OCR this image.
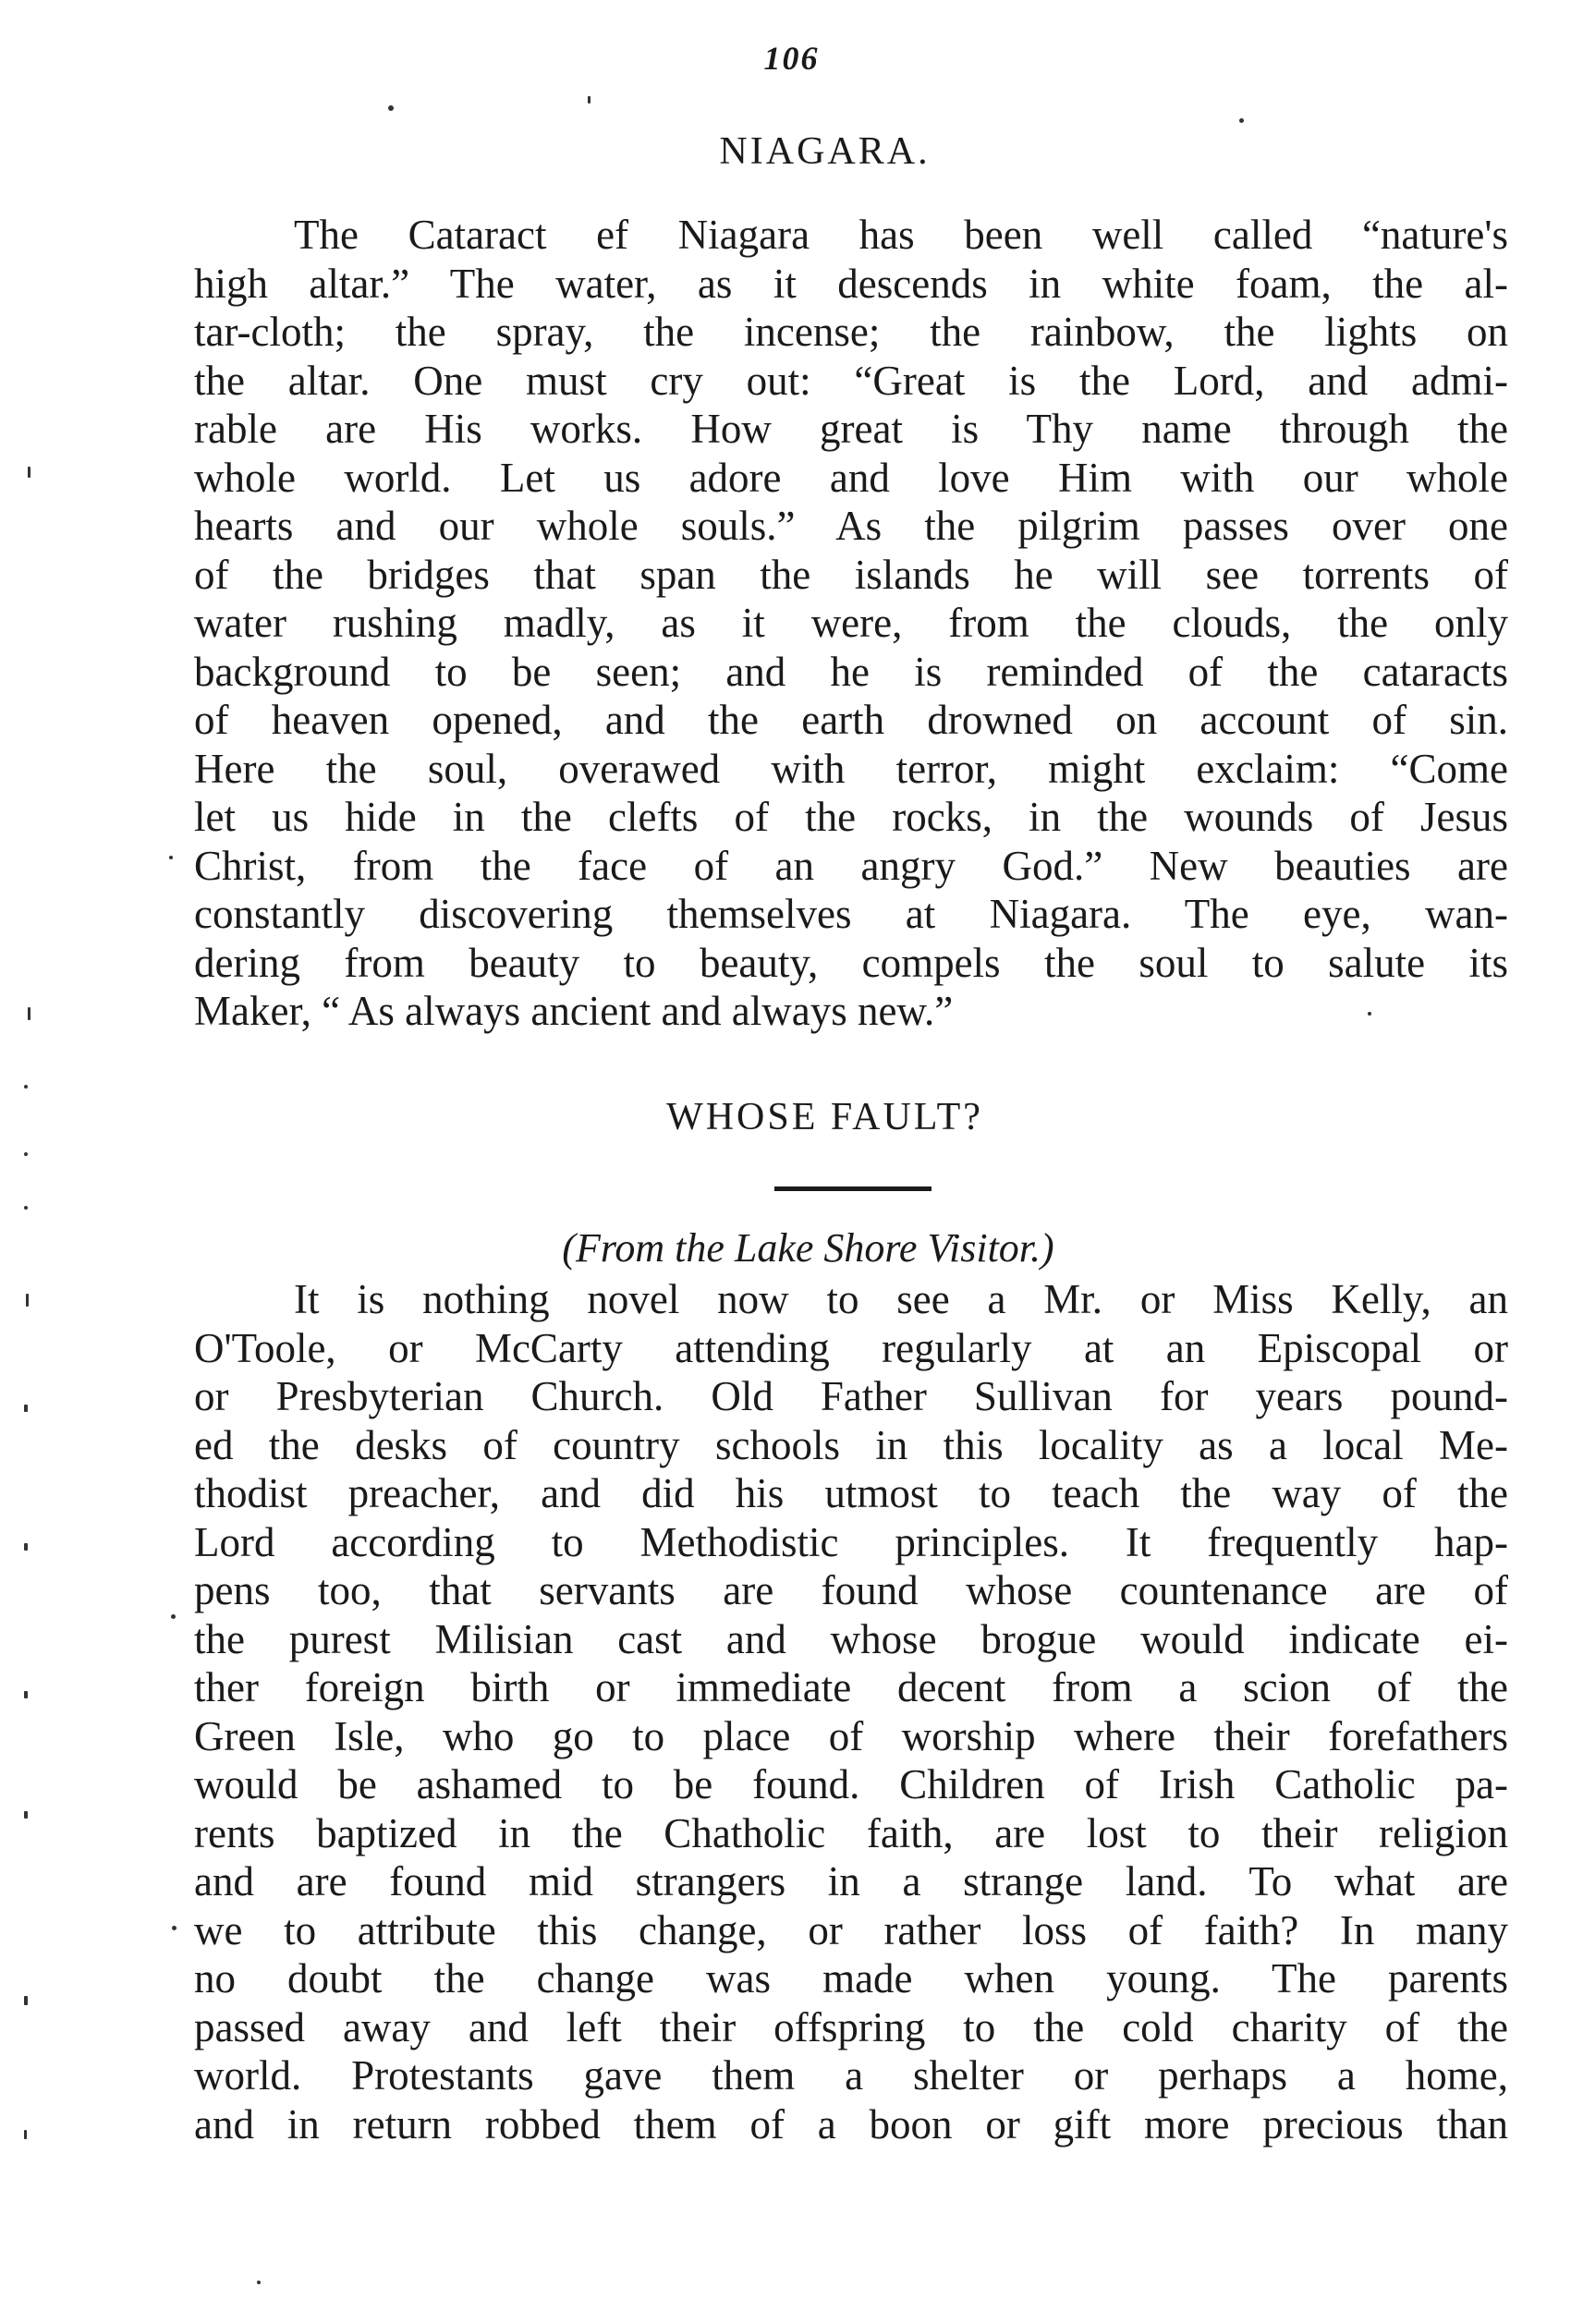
106
NIAGARA.
The Cataract ef Niagara has been well called “nature's
high altar.” The water, as it descends in white foam, the al-
tar-cloth; the spray, the incense; the rainbow, the lights on
the altar. One must cry out: “Great is the Lord, and admi-
rable are His works. How great is Thy name through the
whole world. Let us adore and love Him with our whole
hearts and our whole souls.” As the pilgrim passes over one
of the bridges that span the islands he will see torrents of
water rushing madly, as it were, from the clouds, the only
background to be seen; and he is reminded of the cataracts
of heaven opened, and the earth drowned on account of sin.
Here the soul, overawed with terror, might exclaim: “Come
let us hide in the clefts of the rocks, in the wounds of Jesus
Christ, from the face of an angry God.” New beauties are
constantly discovering themselves at Niagara. The eye, wan-
dering from beauty to beauty, compels the soul to salute its
Maker, “ As always ancient and always new.”
WHOSE FAULT?
(From the Lake Shore Visitor.)
It is nothing novel now to see a Mr. or Miss Kelly, an
O'Toole, or McCarty attending regularly at an Episcopal or
or Presbyterian Church. Old Father Sullivan for years pound-
ed the desks of country schools in this locality as a local Me-
thodist preacher, and did his utmost to teach the way of the
Lord according to Methodistic principles. It frequently hap-
pens too, that servants are found whose countenance are of
the purest Milisian cast and whose brogue would indicate ei-
ther foreign birth or immediate decent from a scion of the
Green Isle, who go to place of worship where their forefathers
would be ashamed to be found. Children of Irish Catholic pa-
rents baptized in the Chatholic faith, are lost to their religion
and are found mid strangers in a strange land. To what are
we to attribute this change, or rather loss of faith? In many
no doubt the change was made when young. The parents
passed away and left their offspring to the cold charity of the
world. Protestants gave them a shelter or perhaps a home,
and in return robbed them of a boon or gift more precious than
